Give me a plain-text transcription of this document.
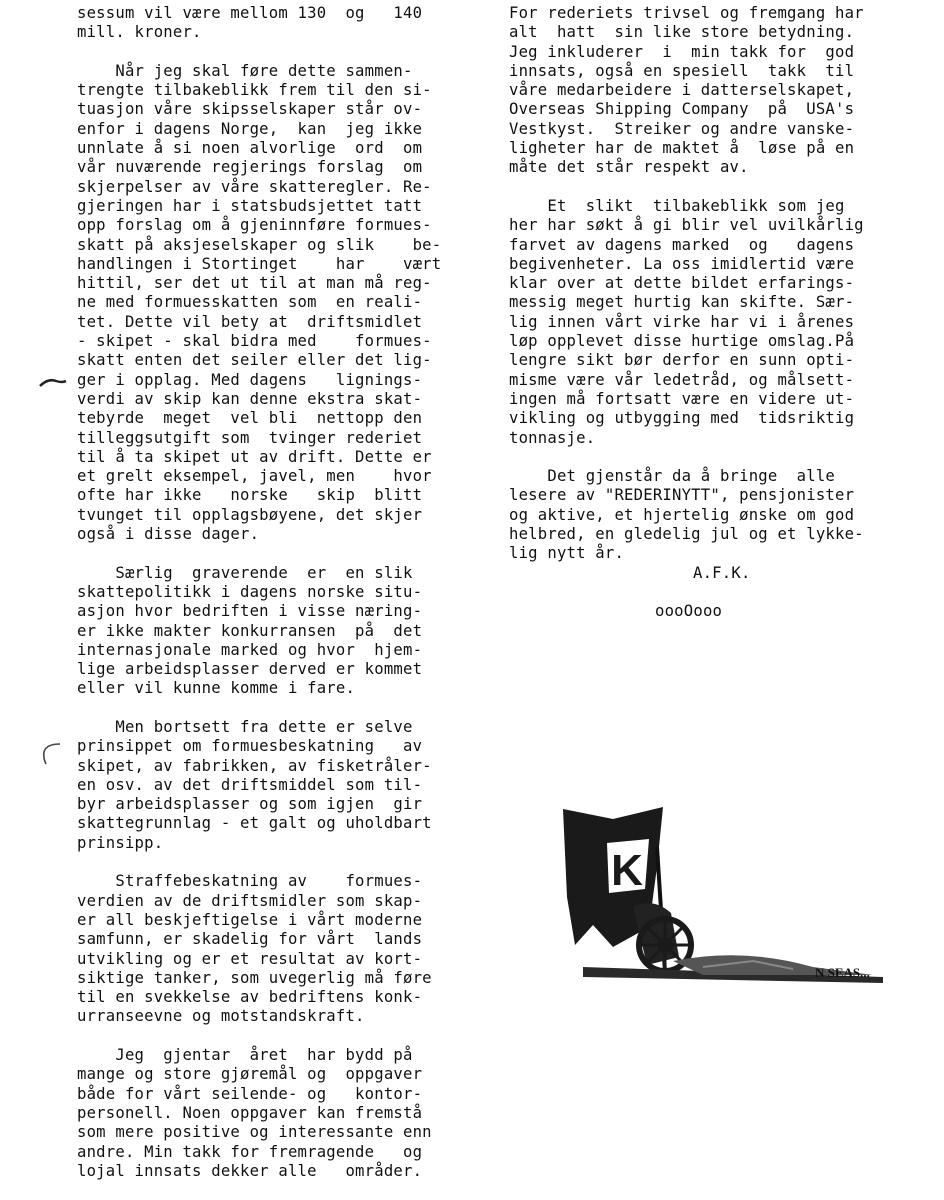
sessum vil være mellom 130  og   140
mill. kroner.
Når jeg skal føre dette sammen-
trengte tilbakeblikk frem til den si-
tuasjon våre skipsselskaper står ov-
enfor i dagens Norge,  kan  jeg ikke
unnlate å si noen alvorlige  ord  om
vår nuværende regjerings forslag  om
skjerpelser av våre skatteregler. Re-
gjeringen har i statsbudsjettet tatt
opp forslag om å gjeninnføre formues-
skatt på aksjeselskaper og slik    be-
handlingen i Stortinget    har    vært
hittil, ser det ut til at man må reg-
ne med formuesskatten som  en reali-
tet. Dette vil bety at  driftsmidlet
- skipet - skal bidra med    formues-
skatt enten det seiler eller det lig-
ger i opplag. Med dagens   lignings-
verdi av skip kan denne ekstra skat-
tebyrde  meget  vel bli  nettopp den
tilleggsutgift som  tvinger rederiet
til å ta skipet ut av drift. Dette er
et grelt eksempel, javel, men    hvor
ofte har ikke   norske   skip  blitt
tvunget til opplagsbøyene, det skjer
også i disse dager.
Særlig  graverende  er  en slik
skattepolitikk i dagens norske situ-
asjon hvor bedriften i visse næring-
er ikke makter konkurransen  på  det
internasjonale marked og hvor  hjem-
lige arbeidsplasser derved er kommet
eller vil kunne komme i fare.
Men bortsett fra dette er selve
prinsippet om formuesbeskatning   av
skipet, av fabrikken, av fisketråler-
en osv. av det driftsmiddel som til-
byr arbeidsplasser og som igjen  gir
skattegrunnlag - et galt og uholdbart
prinsipp.
Straffebeskatning av    formues-
verdien av de driftsmidler som skap-
er all beskjeftigelse i vårt moderne
samfunn, er skadelig for vårt  lands
utvikling og er et resultat av kort-
siktige tanker, som uvegerlig må føre
til en svekkelse av bedriftens konk-
urranseevne og motstandskraft.
Jeg  gjentar  året  har bydd på
mange og store gjøremål og  oppgaver
både for vårt seilende- og   kontor-
personell. Noen oppgaver kan fremstå
som mere positive og interessante enn
andre. Min takk for fremragende   og
lojal innsats dekker alle   områder.
For rederiets trivsel og fremgang har
alt  hatt  sin like store betydning.
Jeg inkluderer  i  min takk for  god
innsats, også en spesiell  takk  til
våre medarbeidere i datterselskapet,
Overseas Shipping Company  på  USA's
Vestkyst.  Streiker og andre vanske-
ligheter har de maktet å  løse på en
måte det står respekt av.
Et  slikt  tilbakeblikk som jeg
her har søkt å gi blir vel uvilkårlig
farvet av dagens marked  og   dagens
begivenheter. La oss imidlertid være
klar over at dette bildet erfarings-
messig meget hurtig kan skifte. Sær-
lig innen vårt virke har vi i årenes
løp opplevet disse hurtige omslag.På
lengre sikt bør derfor en sunn opti-
misme være vår ledetråd, og målsett-
ingen må fortsatt være en videre ut-
vikling og utbygging med  tidsriktig
tonnasje.
Det gjenstår da å bringe  alle
lesere av "REDERINYTT", pensjonister
og aktive, et hjertelig ønske om god
helbred, en gledelig jul og et lykke-
lig nytt år.
A.F.K.
oooOooo
K
N SEAS...
